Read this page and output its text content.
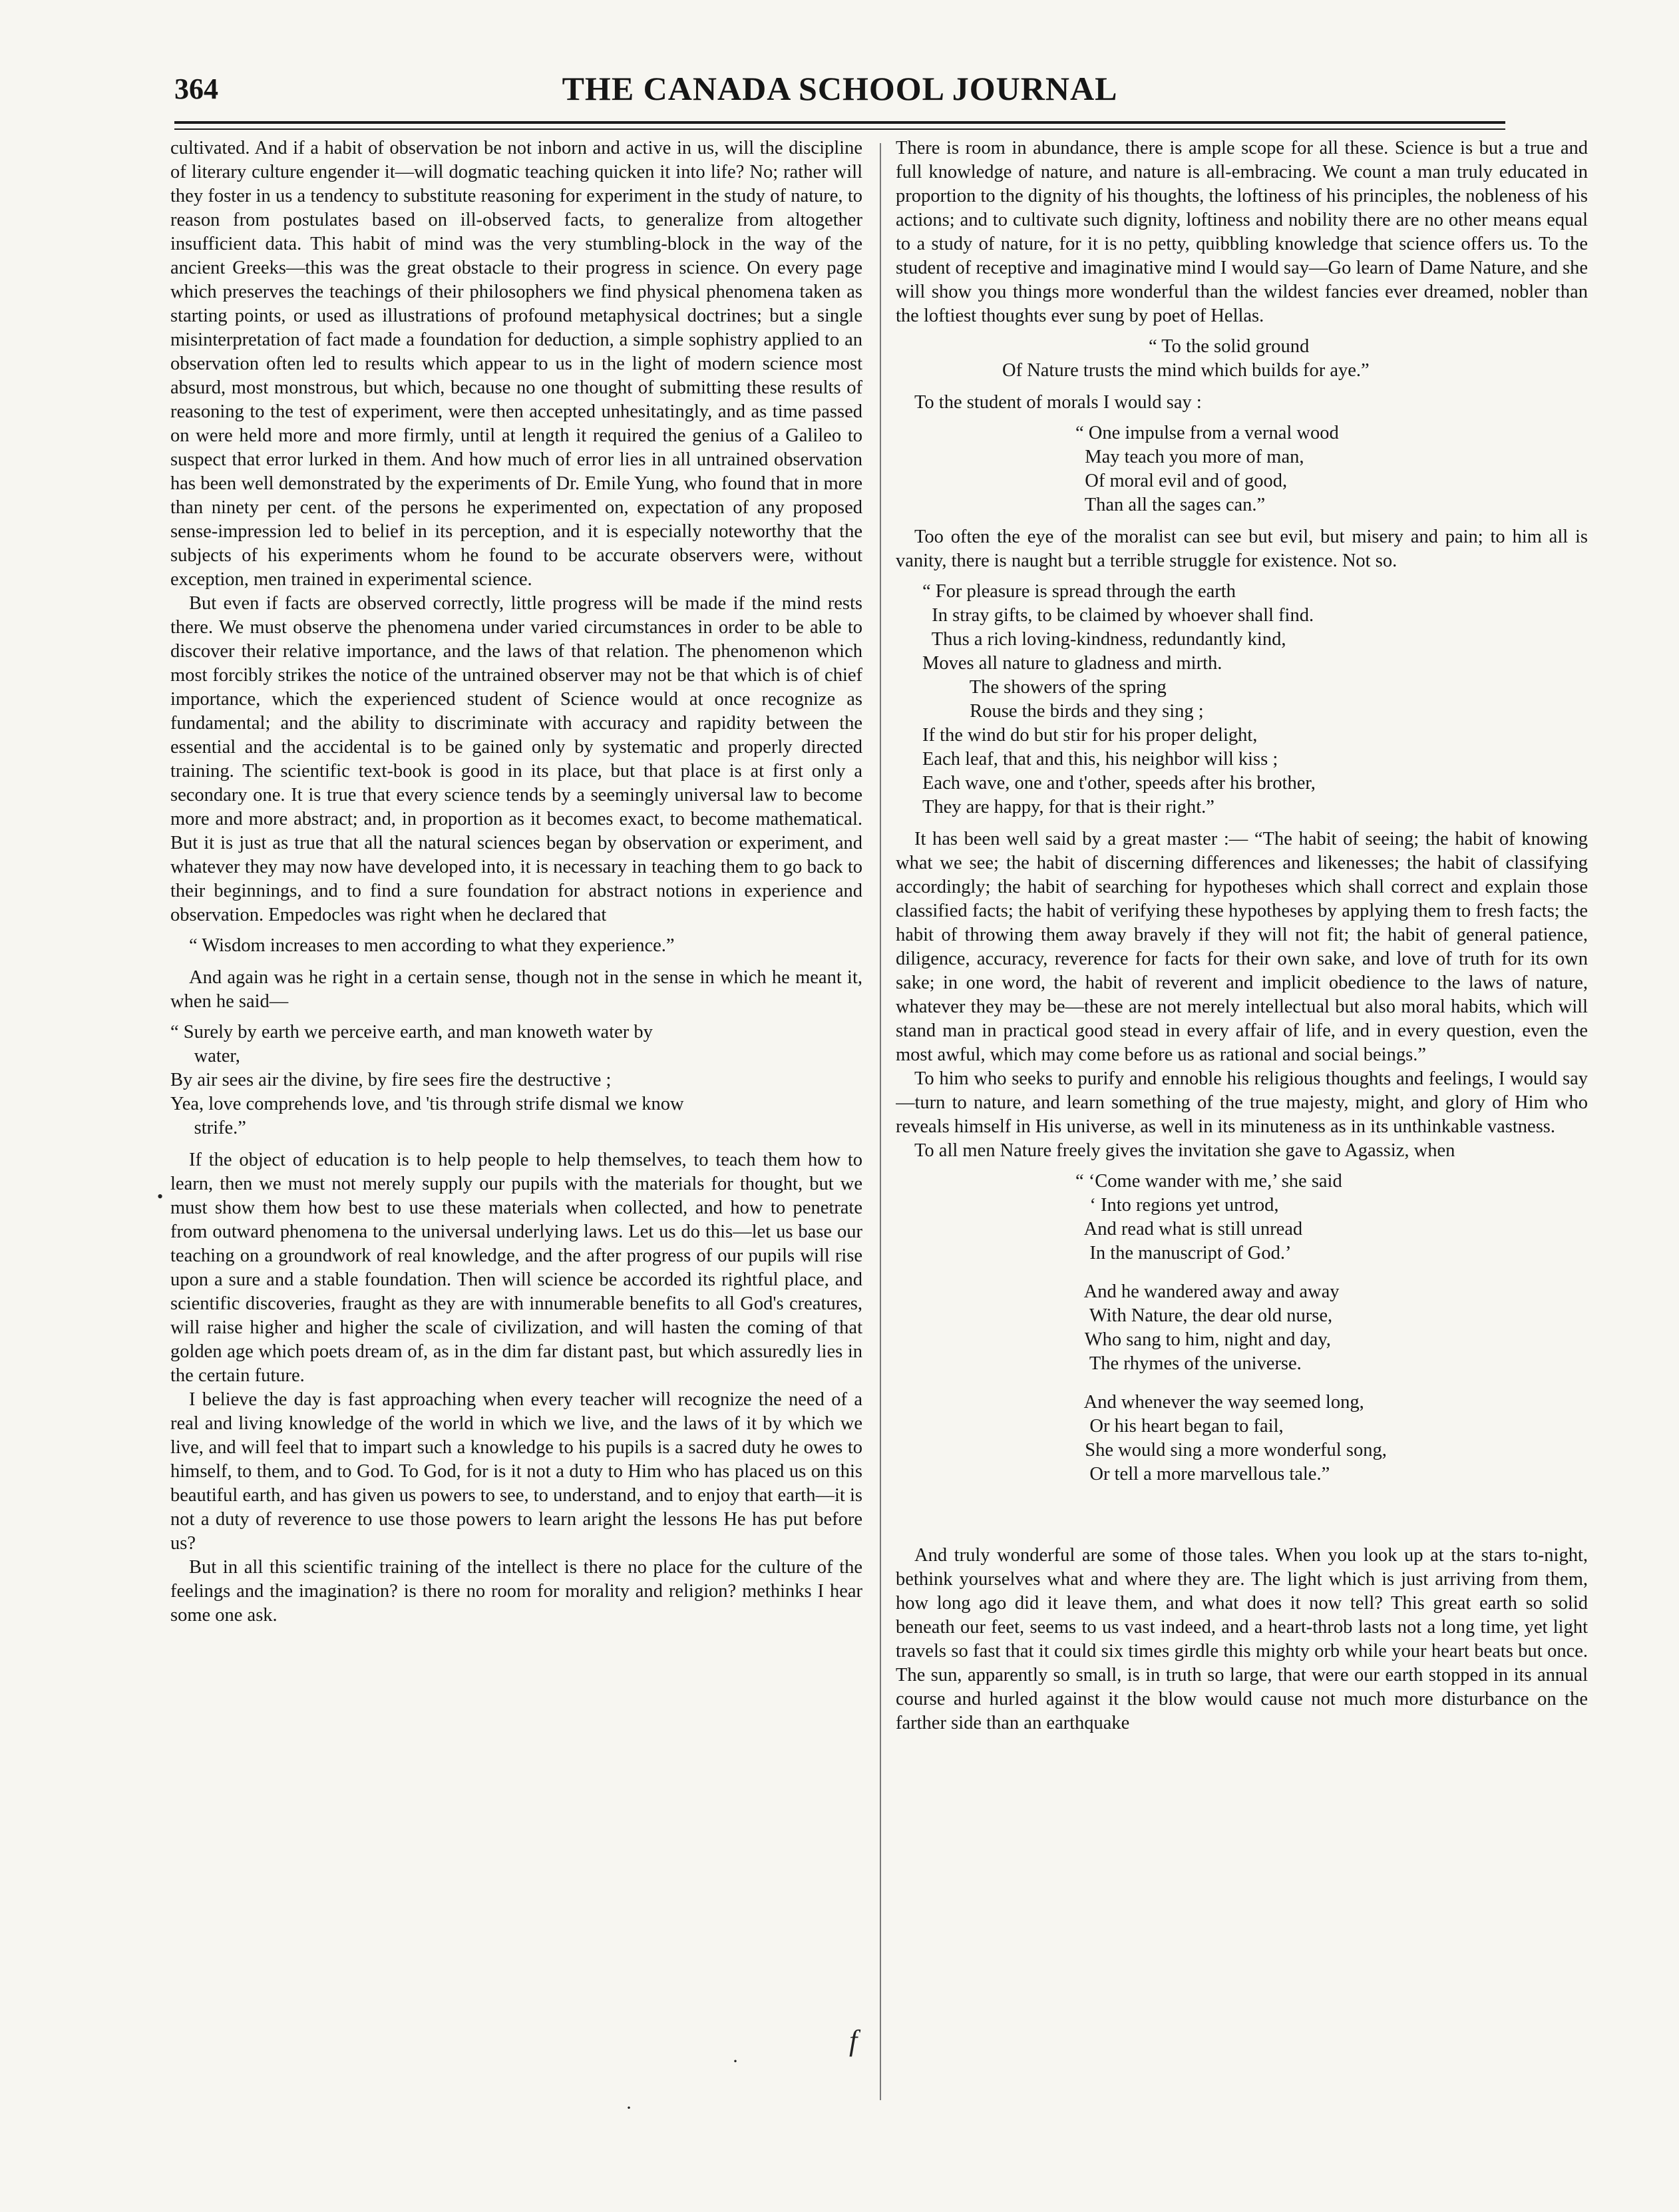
364	THE CANADA SCHOOL JOURNAL

cultivated. And if a habit of observation be not inborn and active in us, will the discipline of literary culture engender it—will dogmatic teaching quicken it into life? No; rather will they foster in us a tendency to substitute reasoning for experiment in the study of nature, to reason from postulates based on ill-observed facts, to generalize from altogether insufficient data. This habit of mind was the very stumbling-block in the way of the ancient Greeks—this was the great obstacle to their progress in science. On every page which preserves the teachings of their philosophers we find physical phenomena taken as starting points, or used as illustrations of profound metaphysical doctrines; but a single misinterpretation of fact made a foundation for deduction, a simple sophistry applied to an observation often led to results which appear to us in the light of modern science most absurd, most monstrous, but which, because no one thought of submitting these results of reasoning to the test of experiment, were then accepted unhesitatingly, and as time passed on were held more and more firmly, until at length it required the genius of a Galileo to suspect that error lurked in them. And how much of error lies in all untrained observation has been well demonstrated by the experiments of Dr. Emile Yung, who found that in more than ninety per cent. of the persons he experimented on, expectation of any proposed sense-impression led to belief in its perception, and it is especially noteworthy that the subjects of his experiments whom he found to be accurate observers were, without exception, men trained in experimental science.

But even if facts are observed correctly, little progress will be made if the mind rests there. We must observe the phenomena under varied circumstances in order to be able to discover their relative importance, and the laws of that relation. The phenomenon which most forcibly strikes the notice of the untrained observer may not be that which is of chief importance, which the experienced student of Science would at once recognize as fundamental; and the ability to discriminate with accuracy and rapidity between the essential and the accidental is to be gained only by systematic and properly directed training. The scientific text-book is good in its place, but that place is at first only a secondary one. It is true that every science tends by a seemingly universal law to become more and more abstract; and, in proportion as it becomes exact, to become mathematical. But it is just as true that all the natural sciences began by observation or experiment, and whatever they may now have developed into, it is necessary in teaching them to go back to their beginnings, and to find a sure foundation for abstract notions in experience and observation. Empedocles was right when he declared that

“ Wisdom increases to men according to what they experience.”

And again was he right in a certain sense, though not in the sense in which he meant it, when he said—

“ Surely by earth we perceive earth, and man knoweth water by
water,
By air sees air the divine, by fire sees fire the destructive ;
Yea, love comprehends love, and 'tis through strife dismal we know
strife.”

If the object of education is to help people to help themselves, to teach them how to learn, then we must not merely supply our pupils with the materials for thought, but we must show them how best to use these materials when collected, and how to penetrate from outward phenomena to the universal underlying laws. Let us do this—let us base our teaching on a groundwork of real knowledge, and the after progress of our pupils will rise upon a sure and a stable foundation. Then will science be accorded its rightful place, and scientific discoveries, fraught as they are with innumerable benefits to all God's creatures, will raise higher and higher the scale of civilization, and will hasten the coming of that golden age which poets dream of, as in the dim far distant past, but which assuredly lies in the certain future.

I believe the day is fast approaching when every teacher will recognize the need of a real and living knowledge of the world in which we live, and the laws of it by which we live, and will feel that to impart such a knowledge to his pupils is a sacred duty he owes to himself, to them, and to God. To God, for is it not a duty to Him who has placed us on this beautiful earth, and has given us powers to see, to understand, and to enjoy that earth—it is not a duty of reverence to use those powers to learn aright the lessons He has put before us?

But in all this scientific training of the intellect is there no place for the culture of the feelings and the imagination? is there no room for morality and religion? methinks I hear some one ask.

There is room in abundance, there is ample scope for all these. Science is but a true and full knowledge of nature, and nature is all-embracing. We count a man truly educated in proportion to the dignity of his thoughts, the loftiness of his principles, the nobleness of his actions; and to cultivate such dignity, loftiness and nobility there are no other means equal to a study of nature, for it is no petty, quibbling knowledge that science offers us. To the student of receptive and imaginative mind I would say—Go learn of Dame Nature, and she will show you things more wonderful than the wildest fancies ever dreamed, nobler than the loftiest thoughts ever sung by poet of Hellas.

“ To the solid ground
Of Nature trusts the mind which builds for aye.”

To the student of morals I would say :

“ One impulse from a vernal wood
May teach you more of man,
Of moral evil and of good,
Than all the sages can.”

Too often the eye of the moralist can see but evil, but misery and pain; to him all is vanity, there is naught but a terrible struggle for existence. Not so.

“ For pleasure is spread through the earth
In stray gifts, to be claimed by whoever shall find.
Thus a rich loving-kindness, redundantly kind,
Moves all nature to gladness and mirth.
The showers of the spring
Rouse the birds and they sing ;
If the wind do but stir for his proper delight,
Each leaf, that and this, his neighbor will kiss ;
Each wave, one and t'other, speeds after his brother,
They are happy, for that is their right.”

It has been well said by a great master :— “The habit of seeing; the habit of knowing what we see; the habit of discerning differences and likenesses; the habit of classifying accordingly; the habit of searching for hypotheses which shall correct and explain those classified facts; the habit of verifying these hypotheses by applying them to fresh facts; the habit of throwing them away bravely if they will not fit; the habit of general patience, diligence, accuracy, reverence for facts for their own sake, and love of truth for its own sake; in one word, the habit of reverent and implicit obedience to the laws of nature, whatever they may be—these are not merely intellectual but also moral habits, which will stand man in practical good stead in every affair of life, and in every question, even the most awful, which may come before us as rational and social beings.”

To him who seeks to purify and ennoble his religious thoughts and feelings, I would say—turn to nature, and learn something of the true majesty, might, and glory of Him who reveals himself in His universe, as well in its minuteness as in its unthinkable vastness.

To all men Nature freely gives the invitation she gave to Agassiz, when

“ ‘Come wander with me,’ she said
‘ Into regions yet untrod,
And read what is still unread
In the manuscript of God.’
And he wandered away and away
With Nature, the dear old nurse,
Who sang to him, night and day,
The rhymes of the universe.
And whenever the way seemed long,
Or his heart began to fail,
She would sing a more wonderful song,
Or tell a more marvellous tale.”

And truly wonderful are some of those tales. When you look up at the stars to-night, bethink yourselves what and where they are. The light which is just arriving from them, how long ago did it leave them, and what does it now tell? This great earth so solid beneath our feet, seems to us vast indeed, and a heart-throb lasts not a long time, yet light travels so fast that it could six times girdle this mighty orb while your heart beats but once. The sun, apparently so small, is in truth so large, that were our earth stopped in its annual course and hurled against it the blow would cause not much more disturbance on the farther side than an earthquake

•
f
·
·
